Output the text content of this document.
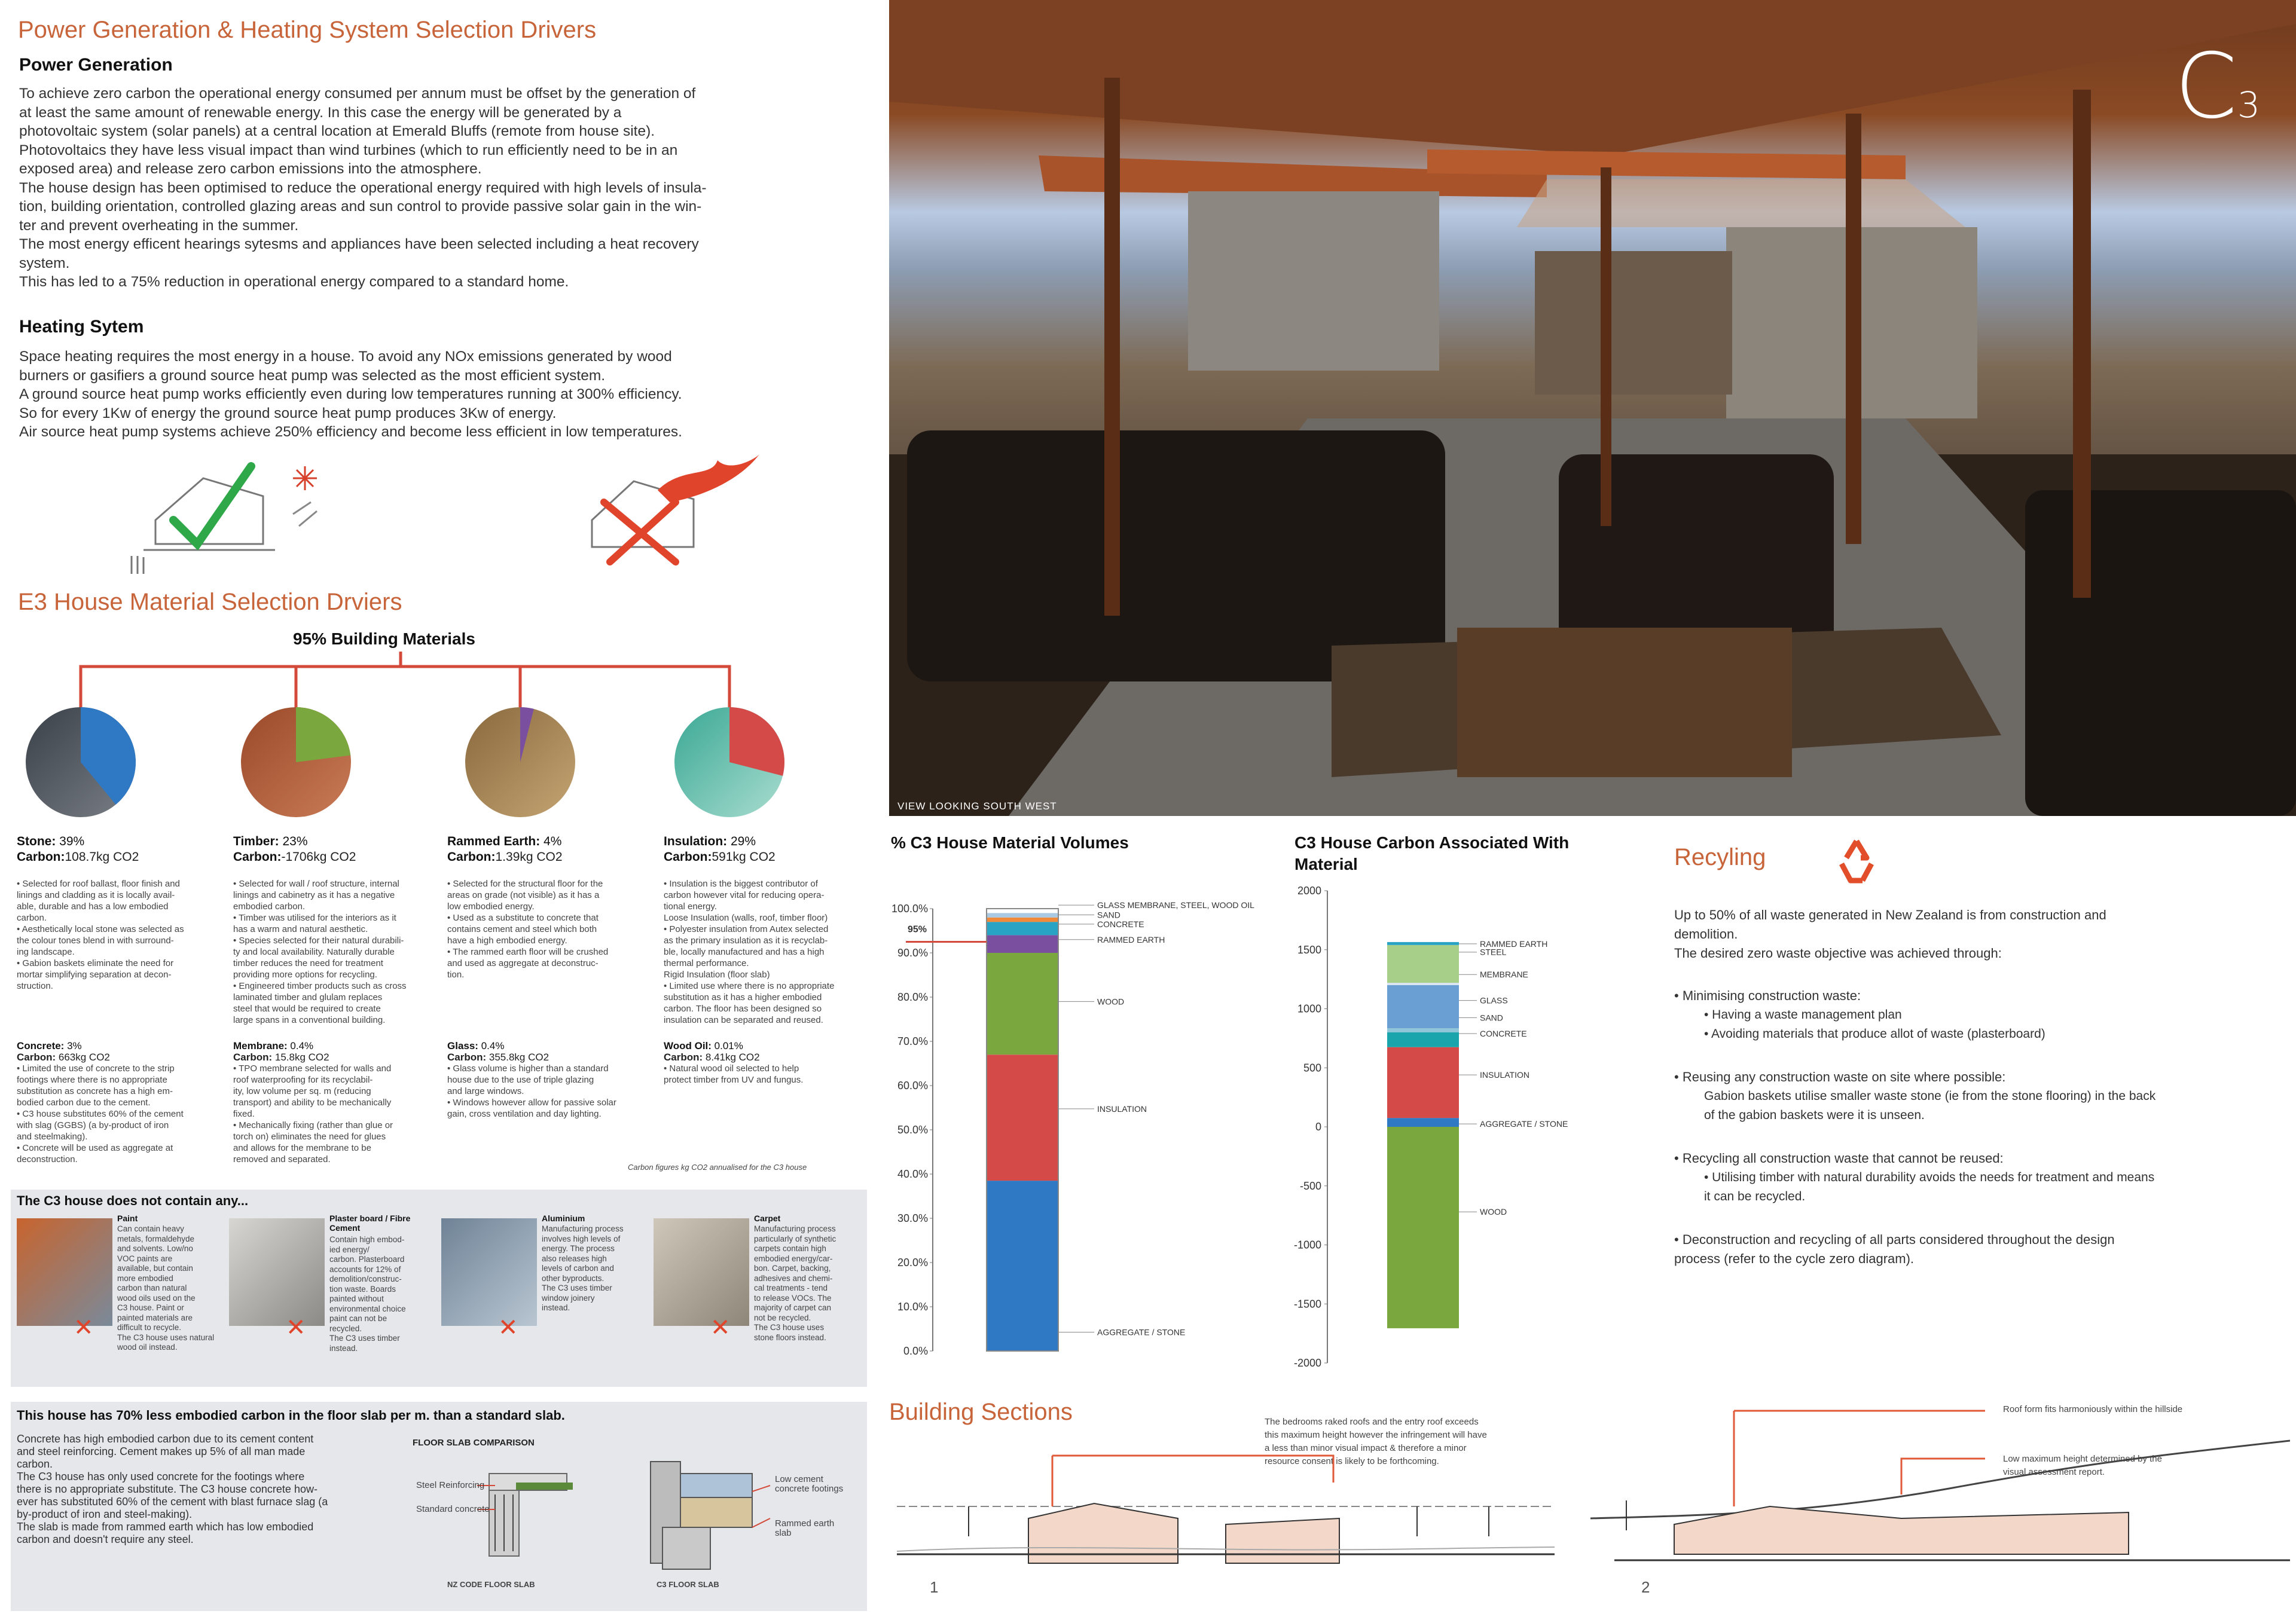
Power Generation & Heating System Selection Drivers
Power Generation

To achieve zero carbon the operational energy consumed per annum must be offset by the generation of
at least the same amount of renewable energy. In this case the energy will be generated by a
photovoltaic system (solar panels) at a central location at Emerald Bluffs (remote from house site).
Photovoltaics they have less visual impact than wind turbines (which to run efficiently need to be in an
exposed area) and release zero carbon emissions into the atmosphere.
The house design has been optimised to reduce the operational energy required with high levels of insula-
tion, building orientation, controlled glazing areas and sun control to provide passive solar gain in the win-
ter and prevent overheating in the summer.
The most energy efficent hearings sytesms and appliances have been selected including a heat recovery
system.
This has led to a 75% reduction in operational energy compared to a standard home.

Heating Sytem

Space heating requires the most energy in a house. To avoid any NOx emissions generated by wood
burners or gasifiers a ground source heat pump was selected as the most efficient system.
A ground source heat pump works efficiently even during low temperatures running at 300% efficiency.
So for every 1Kw of energy the ground source heat pump produces 3Kw of energy.
Air source heat pump systems achieve 250% efficiency and become less efficient in low temperatures.

E3 House Material Selection Drviers
95% Building Materials
Stone: 39%
Carbon:108.7kg CO2
• Selected for roof ballast, floor finish and
linings and cladding as it is locally avail-
able, durable and has a low embodied
carbon.
• Aesthetically local stone was selected as
the colour tones blend in with surround-
ing landscape.
• Gabion baskets eliminate the need for
mortar simplifying separation at decon-
struction.
Timber: 23%
Carbon:-1706kg CO2
• Selected for wall / roof structure, internal
linings and cabinetry as it has a negative
embodied carbon.
• Timber was utilised for the interiors as it
has a warm and natural aesthetic.
• Species selected for their natural durabili-
ty and local availability. Naturally durable
timber reduces the need for treatment
providing more options for recycling.
• Engineered timber products such as cross
laminated timber and glulam replaces
steel that would be required to create
large spans in a conventional building.
Rammed Earth: 4%
Carbon:1.39kg CO2
• Selected for the structural floor for the
areas on grade (not visible) as it has a
low embodied energy.
• Used as a substitute to concrete that
contains cement and steel which both
have a high embodied energy.
• The rammed earth floor will be crushed
and used as aggregate at deconstruc-
tion.
Insulation: 29%
Carbon:591kg CO2
• Insulation is the biggest contributor of
carbon however vital for reducing opera-
tional energy.
Loose Insulation (walls, roof, timber floor)
• Polyester insulation from Autex selected
as the primary insulation as it is recyclab-
ble, locally manufactured and has a high
thermal performance.
Rigid Insulation (floor slab)
• Limited use where there is no appropriate
substitution as it has a higher embodied
carbon. The floor has been designed so
insulation can be separated and reused.
Concrete: 3%
Carbon: 663kg CO2
• Limited the use of concrete to the strip
footings where there is no appropriate
substitution as concrete has a high em-
bodied carbon due to the cement.
• C3 house substitutes 60% of the cement
with slag (GGBS) (a by-product of iron
and steelmaking).
• Concrete will be used as aggregate at
deconstruction.
Membrane: 0.4%
Carbon: 15.8kg CO2
• TPO membrane selected for walls and
roof waterproofing for its recyclabil-
ity, low volume per sq. m (reducing
transport) and ability to be mechanically
fixed.
• Mechanically fixing (rather than glue or
torch on) eliminates the need for glues
and allows for the membrane to be
removed and separated.
Glass: 0.4%
Carbon: 355.8kg CO2
• Glass volume is higher than a standard
house due to the use of triple glazing
and large windows.
• Windows however allow for passive solar
gain, cross ventilation and day lighting.
Wood Oil: 0.01%
Carbon: 8.41kg CO2
• Natural wood oil selected to help
protect timber from UV and fungus.
Carbon figures kg CO2 annualised for the C3 house
The C3 house does not contain any...
✕
Paint
Can contain heavy
metals, formaldehyde
and solvents. Low/no
VOC paints are
available, but contain
more embodied
carbon than natural
wood oils used on the
C3 house. Paint or
painted materials are
difficult to recycle.
The C3 house uses natural
wood oil instead.
✕
Plaster board / Fibre Cement
Contain high embod-
ied energy/
carbon. Plasterboard
accounts for 12% of
demolition/construc-
tion waste. Boards
painted without
environmental choice
paint can not be
recycled.
The C3 uses timber
instead.
✕
Aluminium
Manufacturing process
involves high levels of
energy. The process
also releases high
levels of carbon and
other byproducts.
The C3 uses timber
window joinery
instead.
✕
Carpet
Manufacturing process
particularly of synthetic
carpets contain high
embodied energy/car-
bon. Carpet, backing,
adhesives and chemi-
cal treatments - tend
to release VOCs. The
majority of carpet can
not be recycled.
The C3 house uses
stone floors instead.
This house has 70% less embodied carbon in the floor slab per m. than a standard slab.
Concrete has high embodied carbon due to its cement content
and steel reinforcing. Cement makes up 5% of all man made
carbon.
The C3 house has only used concrete for the footings where
there is no appropriate substitute. The C3 house concrete how-
ever has substituted 60% of the cement with blast furnace slag (a
by-product of iron and steel-making).
The slab is made from rammed earth which has low embodied
carbon and doesn't require any steel.
FLOOR SLAB COMPARISON
Steel Reinforcing
Standard concrete
Low cement
concrete footings
Rammed earth
slab
NZ CODE FLOOR SLAB	C3 FLOOR SLAB
C3
VIEW LOOKING SOUTH WEST
% C3 House Material Volumes
0.0%
10.0%
20.0%
30.0%
40.0%
50.0%
60.0%
70.0%
80.0%
90.0%
100.0%
95%
AGGREGATE / STONE
INSULATION
WOOD
RAMMED EARTH
CONCRETE
SAND
GLASS MEMBRANE, STEEL, WOOD OIL
C3 House Carbon Associated With Material
-2000
-1500
-1000
-500
0
500
1000
1500
2000
RAMMED EARTH
STEEL
MEMBRANE
GLASS
SAND
CONCRETE
INSULATION
AGGREGATE / STONE
WOOD
Recyling
Up to 50% of all waste generated in New Zealand is from construction and
demolition.
The desired zero waste objective was achieved through:
• Minimising construction waste:
• Having a waste management plan
• Avoiding materials that produce allot of waste (plasterboard)
• Reusing any construction waste on site where possible:
Gabion baskets utilise smaller waste stone (ie from the stone flooring) in the back
of the gabion baskets were it is unseen.
• Recycling all construction waste that cannot be reused:
• Utilising timber with natural durability avoids the needs for treatment and means
it can be recycled.
• Deconstruction and recycling of all parts considered throughout the design
process (refer to the cycle zero diagram).
Building Sections	The bedrooms raked roofs and the entry roof exceeds
this maximum height however the infringement will have
a less than minor visual impact & therefore a minor
resource consent is likely to be forthcoming.
Roof form fits harmoniously within the hillside
Low maximum height determined by the
visual assessment report.
1	2
